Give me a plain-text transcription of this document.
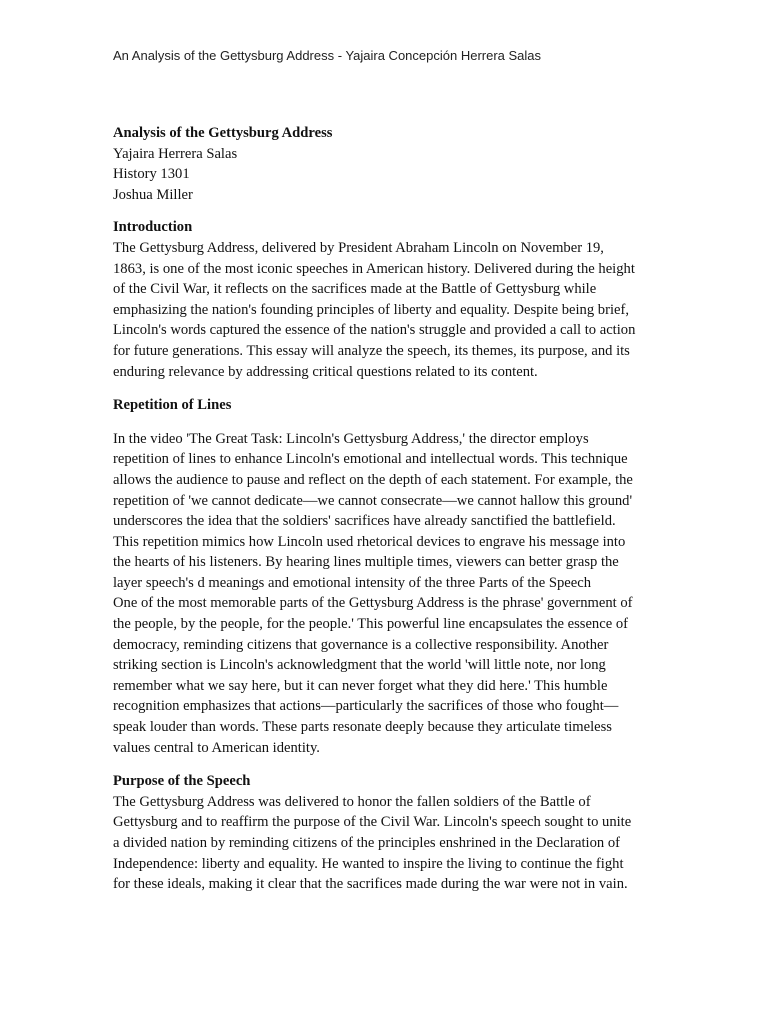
An Analysis of the Gettysburg Address - Yajaira Concepción Herrera Salas

Analysis of the Gettysburg Address

Yajaira Herrera Salas

History 1301

Joshua Miller

Introduction

The Gettysburg Address, delivered by President Abraham Lincoln on November 19,
1863, is one of the most iconic speeches in American history. Delivered during the height
of the Civil War, it reflects on the sacrifices made at the Battle of Gettysburg while
emphasizing the nation's founding principles of liberty and equality. Despite being brief,
Lincoln's words captured the essence of the nation's struggle and provided a call to action
for future generations. This essay will analyze the speech, its themes, its purpose, and its
enduring relevance by addressing critical questions related to its content.

Repetition of Lines

In the video 'The Great Task: Lincoln's Gettysburg Address,' the director employs
repetition of lines to enhance Lincoln's emotional and intellectual words. This technique
allows the audience to pause and reflect on the depth of each statement. For example, the
repetition of 'we cannot dedicate—we cannot consecrate—we cannot hallow this ground'
underscores the idea that the soldiers' sacrifices have already sanctified the battlefield.
This repetition mimics how Lincoln used rhetorical devices to engrave his message into
the hearts of his listeners. By hearing lines multiple times, viewers can better grasp the
layer speech's d meanings and emotional intensity of the three Parts of the Speech
One of the most memorable parts of the Gettysburg Address is the phrase' government of
the people, by the people, for the people.' This powerful line encapsulates the essence of
democracy, reminding citizens that governance is a collective responsibility. Another
striking section is Lincoln's acknowledgment that the world 'will little note, nor long
remember what we say here, but it can never forget what they did here.' This humble
recognition emphasizes that actions—particularly the sacrifices of those who fought—
speak louder than words. These parts resonate deeply because they articulate timeless
values central to American identity.

Purpose of the Speech

The Gettysburg Address was delivered to honor the fallen soldiers of the Battle of
Gettysburg and to reaffirm the purpose of the Civil War. Lincoln's speech sought to unite
a divided nation by reminding citizens of the principles enshrined in the Declaration of
Independence: liberty and equality. He wanted to inspire the living to continue the fight
for these ideals, making it clear that the sacrifices made during the war were not in vain.
